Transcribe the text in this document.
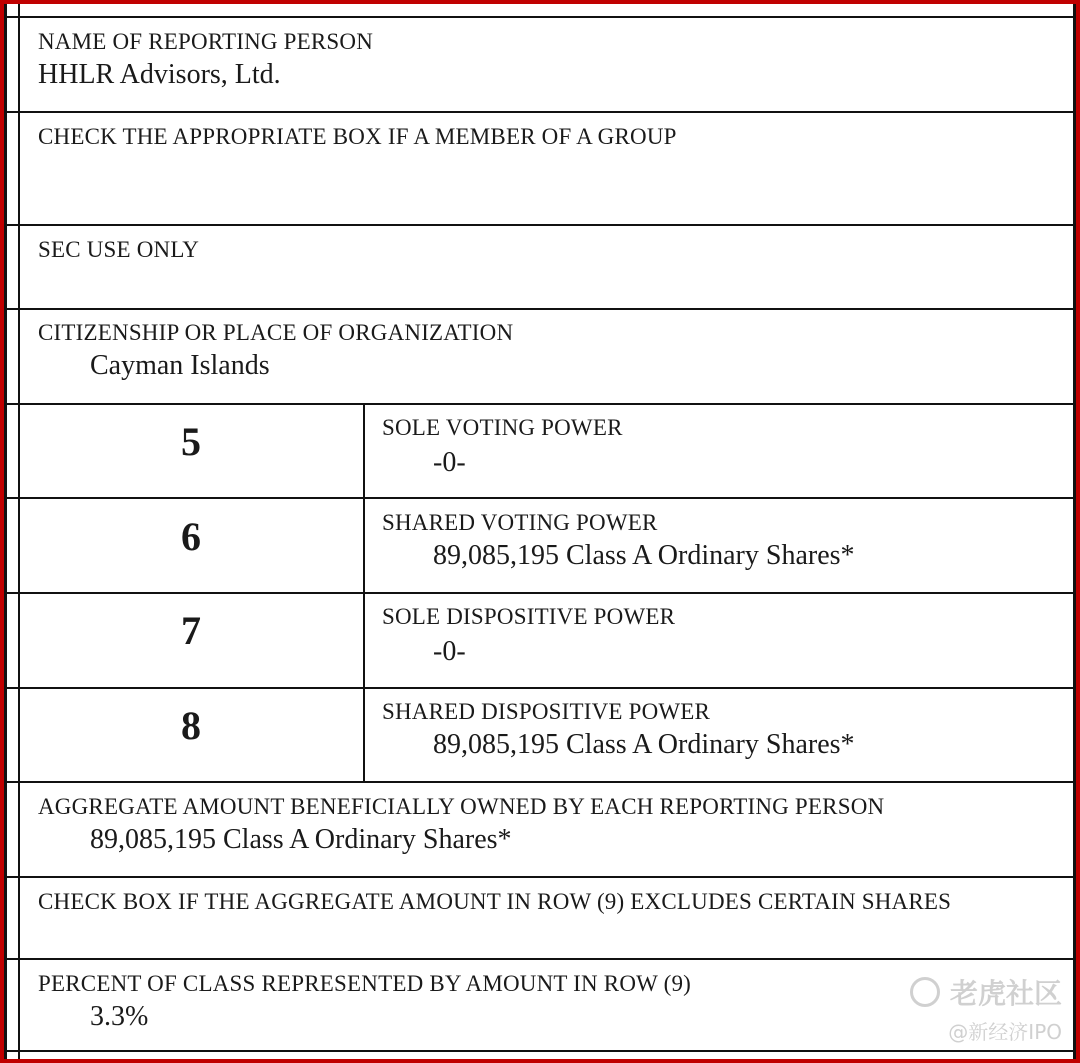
NAME OF REPORTING PERSON
HHLR Advisors, Ltd.
CHECK THE APPROPRIATE BOX IF A MEMBER OF A GROUP
SEC USE ONLY
CITIZENSHIP OR PLACE OF ORGANIZATION
Cayman Islands
5	SOLE VOTING POWER
-0-
6	SHARED VOTING POWER
89,085,195 Class A Ordinary Shares*
7	SOLE DISPOSITIVE POWER
-0-
8	SHARED DISPOSITIVE POWER
89,085,195 Class A Ordinary Shares*
AGGREGATE AMOUNT BENEFICIALLY OWNED BY EACH REPORTING PERSON
89,085,195 Class A Ordinary Shares*
CHECK BOX IF THE AGGREGATE AMOUNT IN ROW (9) EXCLUDES CERTAIN SHARES
PERCENT OF CLASS REPRESENTED BY AMOUNT IN ROW (9)
3.3%
老虎社区
@新经济IPO
